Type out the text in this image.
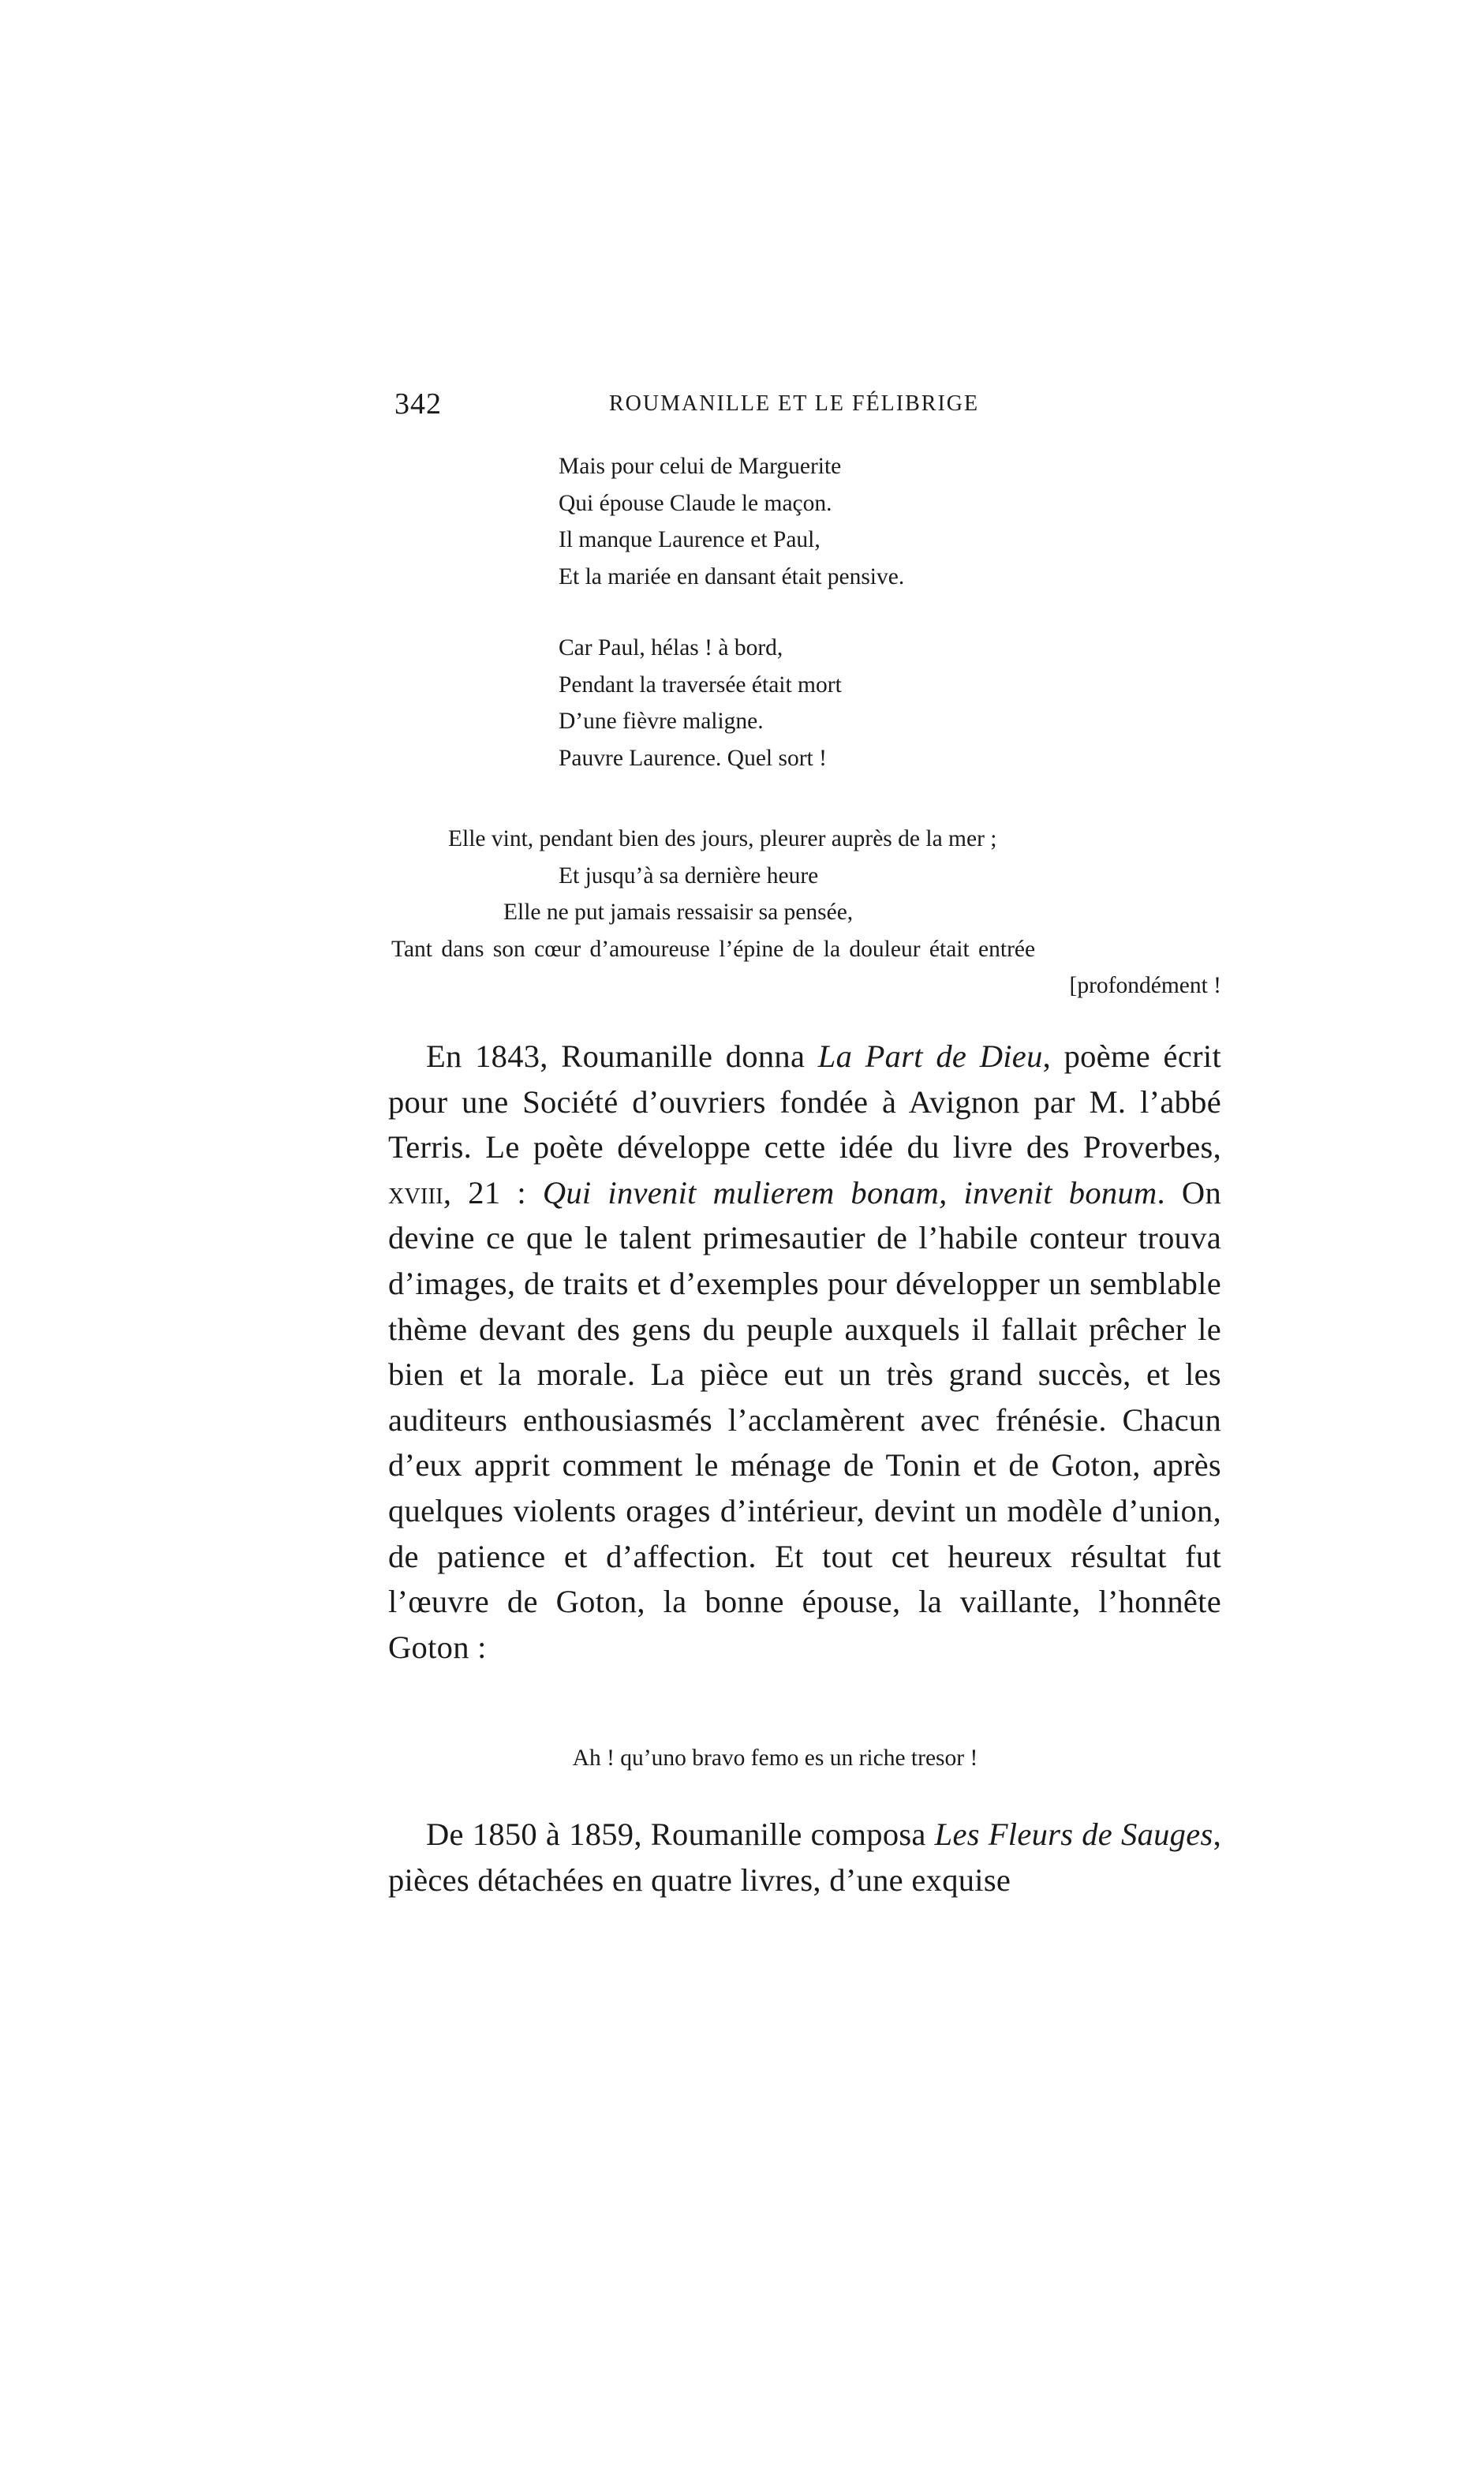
342	ROUMANILLE ET LE FÉLIBRIGE
Mais pour celui de Marguerite
Qui épouse Claude le maçon.
Il manque Laurence et Paul,
Et la mariée en dansant était pensive.
Car Paul, hélas ! à bord,
Pendant la traversée était mort
D’une fièvre maligne.
Pauvre Laurence. Quel sort !
Elle vint, pendant bien des jours, pleurer auprès de la mer ;
Et jusqu’à sa dernière heure
Elle ne put jamais ressaisir sa pensée,
Tant dans son cœur d’amoureuse l’épine de la douleur était entrée
[profondément !

En 1843, Roumanille donna La Part de Dieu, poème écrit pour une Société d’ouvriers fondée à Avignon par M. l’abbé Terris. Le poète développe cette idée du livre des Proverbes, xviii, 21 : Qui invenit mulierem bonam, invenit bonum. On devine ce que le talent primesautier de l’habile conteur trouva d’images, de traits et d’exemples pour développer un semblable thème devant des gens du peuple auxquels il fallait prêcher le bien et la morale. La pièce eut un très grand succès, et les auditeurs enthousiasmés l’acclamèrent avec frénésie. Chacun d’eux apprit comment le ménage de Tonin et de Goton, après quelques violents orages d’intérieur, devint un modèle d’union, de patience et d’affection. Et tout cet heureux résultat fut l’œuvre de Goton, la bonne épouse, la vaillante, l’honnête Goton :

Ah ! qu’uno bravo femo es un riche tresor !

De 1850 à 1859, Roumanille composa Les Fleurs de Sauges, pièces détachées en quatre livres, d’une exquise
